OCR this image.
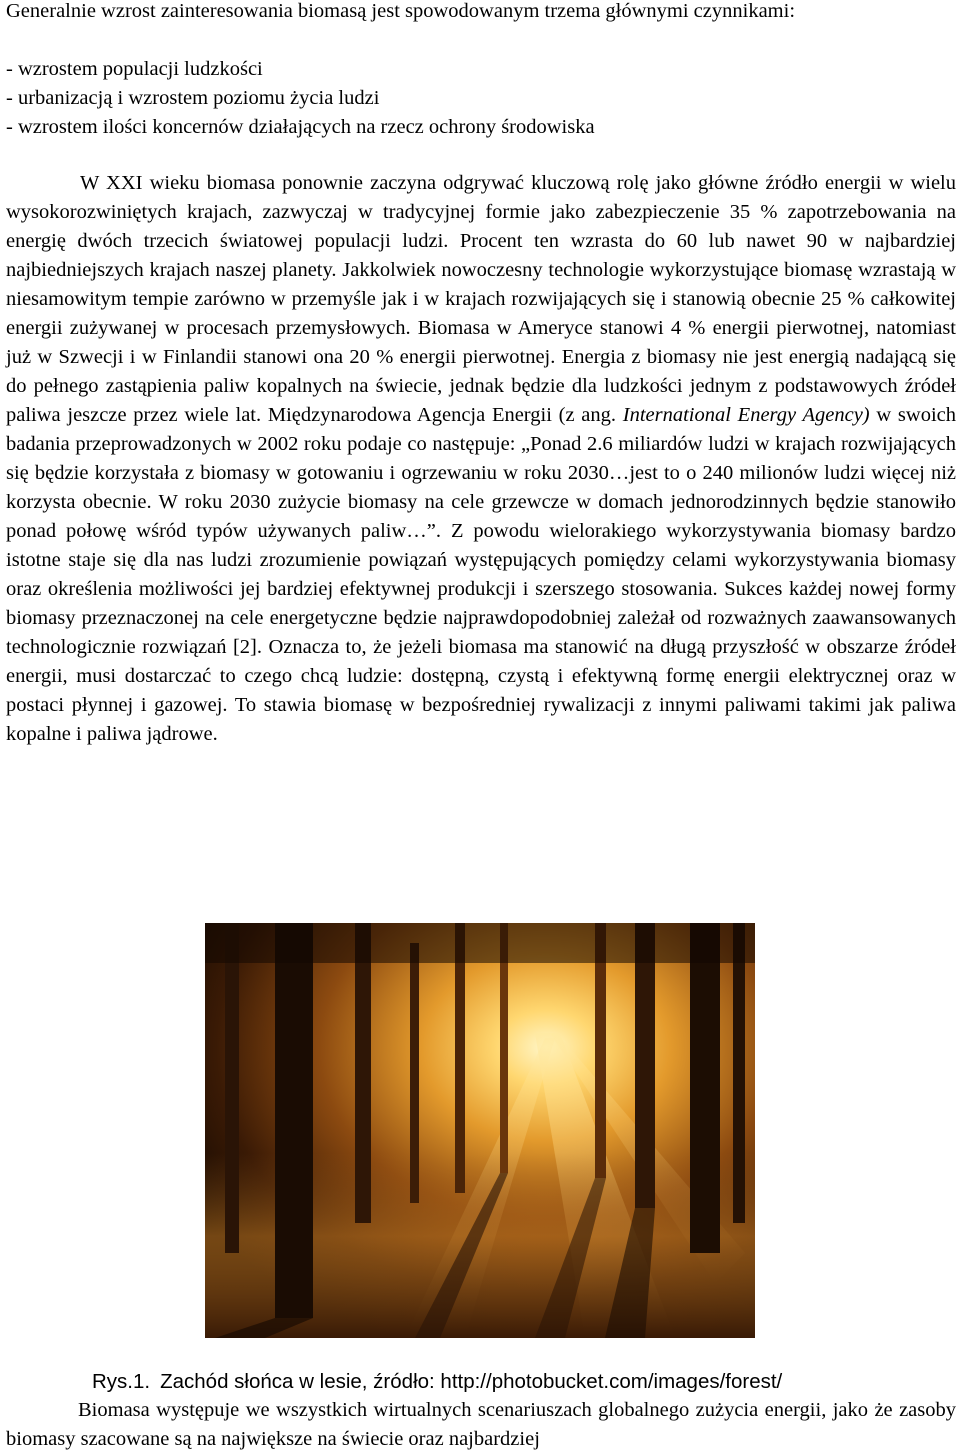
Generalnie wzrost zainteresowania biomasą jest spowodowanym trzema głównymi czynnikami:

- wzrostem populacji ludzkości
- urbanizacją i wzrostem poziomu życia ludzi
- wzrostem ilości koncernów działających na rzecz ochrony środowiska

W XXI wieku biomasa ponownie zaczyna odgrywać kluczową rolę jako główne źródło energii w wielu wysokorozwiniętych krajach, zazwyczaj w tradycyjnej formie jako zabezpieczenie 35 % zapotrzebowania na energię dwóch trzecich światowej populacji ludzi. Procent ten wzrasta do 60 lub nawet 90 w najbardziej najbiedniejszych krajach naszej planety. Jakkolwiek nowoczesny technologie wykorzystujące biomasę wzrastają w niesamowitym tempie zarówno w przemyśle jak i w krajach rozwijających się i stanowią obecnie 25 % całkowitej energii zużywanej w procesach przemysłowych. Biomasa w Ameryce stanowi 4 % energii pierwotnej, natomiast już w Szwecji i w Finlandii stanowi ona 20 % energii pierwotnej. Energia z biomasy nie jest energią nadającą się do pełnego zastąpienia paliw kopalnych na świecie, jednak będzie dla ludzkości jednym z podstawowych źródeł paliwa jeszcze przez wiele lat. Międzynarodowa Agencja Energii (z ang. International Energy Agency) w swoich badania przeprowadzonych w 2002 roku podaje co następuje: „Ponad 2.6 miliardów ludzi w krajach rozwijających się będzie korzystała z biomasy w gotowaniu i ogrzewaniu w roku 2030…jest to o 240 milionów ludzi więcej niż korzysta obecnie. W roku 2030 zużycie biomasy na cele grzewcze w domach jednorodzinnych będzie stanowiło ponad połowę wśród typów używanych paliw…”. Z powodu wielorakiego wykorzystywania biomasy bardzo istotne staje się dla nas ludzi zrozumienie powiązań występujących pomiędzy celami wykorzystywania biomasy oraz określenia możliwości jej bardziej efektywnej produkcji i szerszego stosowania. Sukces każdej nowej formy biomasy przeznaczonej na cele energetyczne będzie najprawdopodobniej zależał od rozważnych zaawansowanych technologicznie rozwiązań [2]. Oznacza to, że jeżeli biomasa ma stanowić na długą przyszłość w obszarze źródeł energii, musi dostarczać to czego chcą ludzie: dostępną, czystą i efektywną formę energii elektrycznej oraz w postaci płynnej i gazowej. To stawia biomasę w bezpośredniej rywalizacji z innymi paliwami takimi jak paliwa kopalne i paliwa jądrowe.

Rys.1. Zachód słońca w lesie, źródło: http://photobucket.com/images/forest/

Biomasa występuje we wszystkich wirtualnych scenariuszach globalnego zużycia energii, jako że zasoby biomasy szacowane są na największe na świecie oraz najbardziej
